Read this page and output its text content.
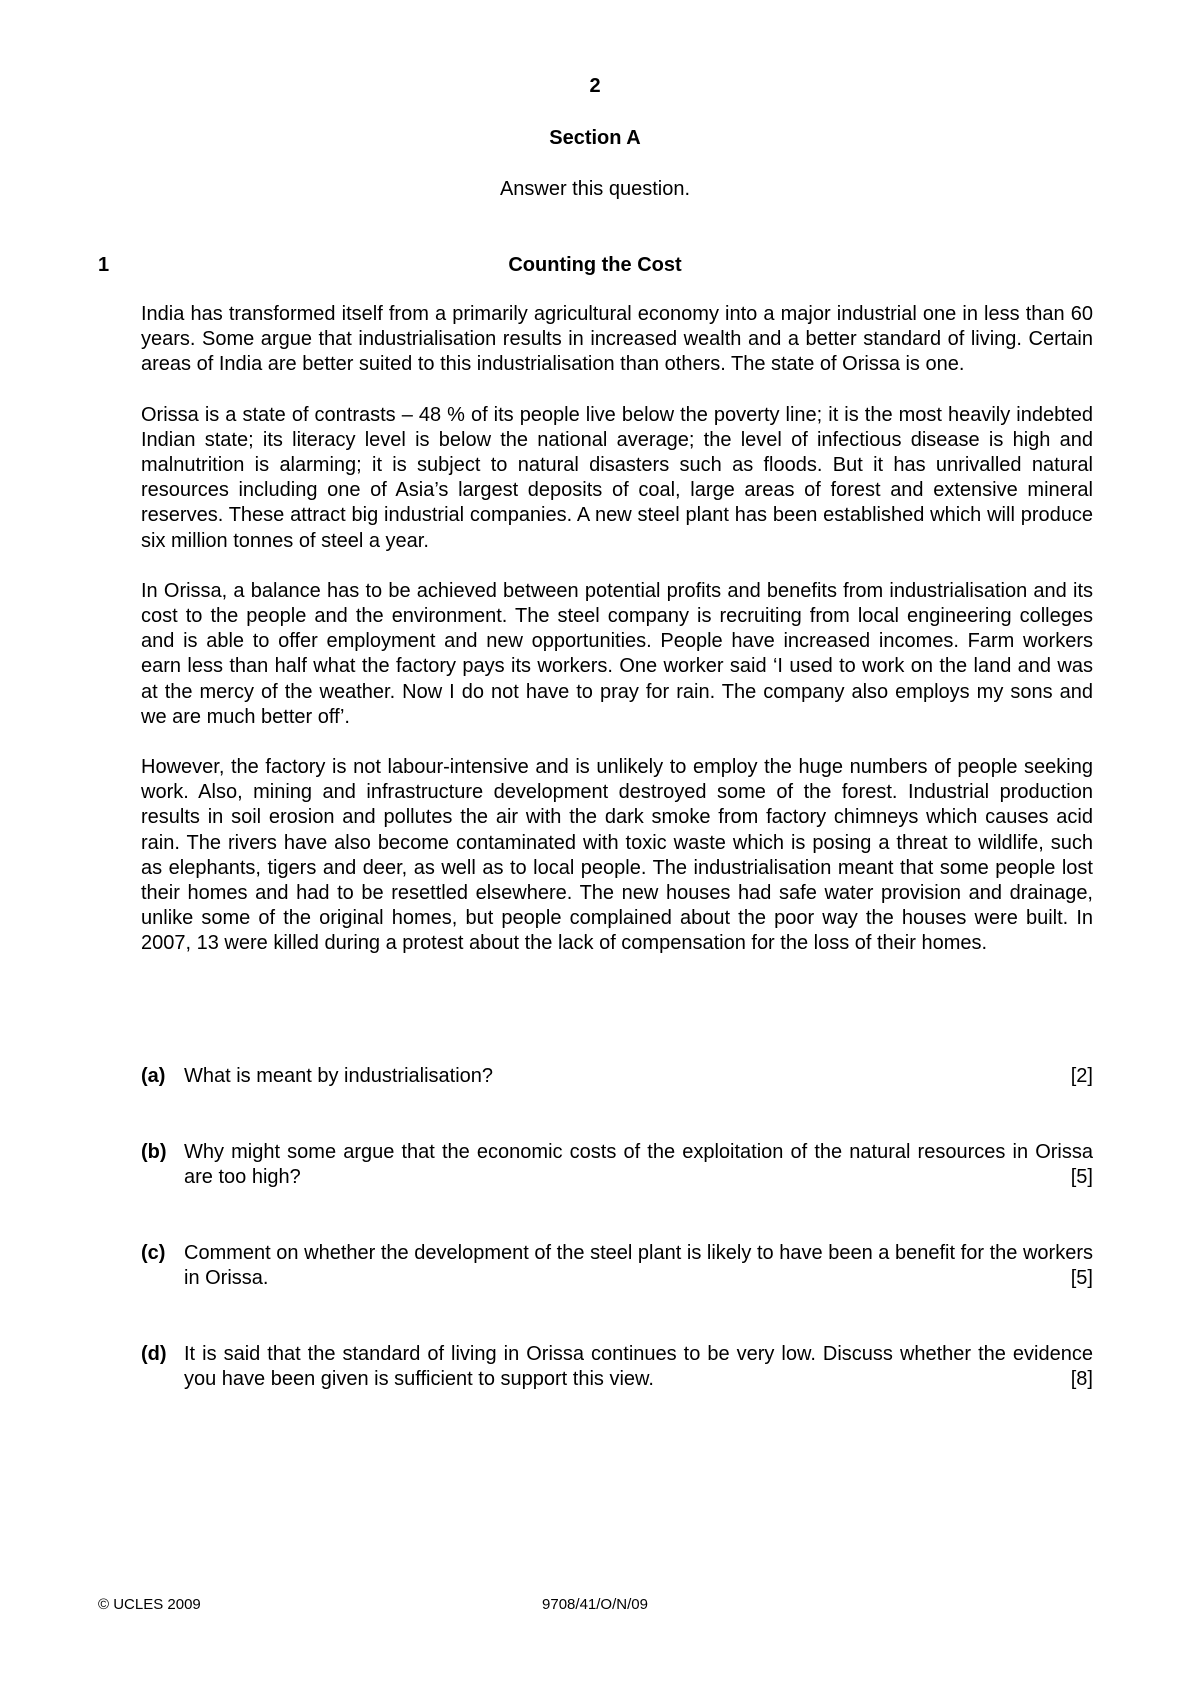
2
Section A
Answer this question.
1	Counting the Cost

India has transformed itself from a primarily agricultural economy into a major industrial one in less than 60 years. Some argue that industrialisation results in increased wealth and a better standard of living. Certain areas of India are better suited to this industrialisation than others. The state of Orissa is one.

Orissa is a state of contrasts – 48 % of its people live below the poverty line; it is the most heavily indebted Indian state; its literacy level is below the national average; the level of infectious disease is high and malnutrition is alarming; it is subject to natural disasters such as floods. But it has unrivalled natural resources including one of Asia’s largest deposits of coal, large areas of forest and extensive mineral reserves. These attract big industrial companies. A new steel plant has been established which will produce six million tonnes of steel a year.

In Orissa, a balance has to be achieved between potential profits and benefits from industrialisation and its cost to the people and the environment. The steel company is recruiting from local engineering colleges and is able to offer employment and new opportunities. People have increased incomes. Farm workers earn less than half what the factory pays its workers. One worker said ‘I used to work on the land and was at the mercy of the weather. Now I do not have to pray for rain. The company also employs my sons and we are much better off’.

However, the factory is not labour-intensive and is unlikely to employ the huge numbers of people seeking work. Also, mining and infrastructure development destroyed some of the forest. Industrial production results in soil erosion and pollutes the air with the dark smoke from factory chimneys which causes acid rain. The rivers have also become contaminated with toxic waste which is posing a threat to wildlife, such as elephants, tigers and deer, as well as to local people. The industrialisation meant that some people lost their homes and had to be resettled elsewhere. The new houses had safe water provision and drainage, unlike some of the original homes, but people complained about the poor way the houses were built. In 2007, 13 were killed during a protest about the lack of compensation for the loss of their homes.

(a)	[2]
What is meant by industrialisation?
(b) Why might some argue that the economic costs of the exploitation of the natural resources in Orissa are too high?	[5]
(c) Comment on whether the development of the steel plant is likely to have been a benefit for the workers in Orissa.	[5]
(d) It is said that the standard of living in Orissa continues to be very low. Discuss whether the evidence you have been given is sufficient to support this view.	[8]
© UCLES 2009	9708/41/O/N/09
